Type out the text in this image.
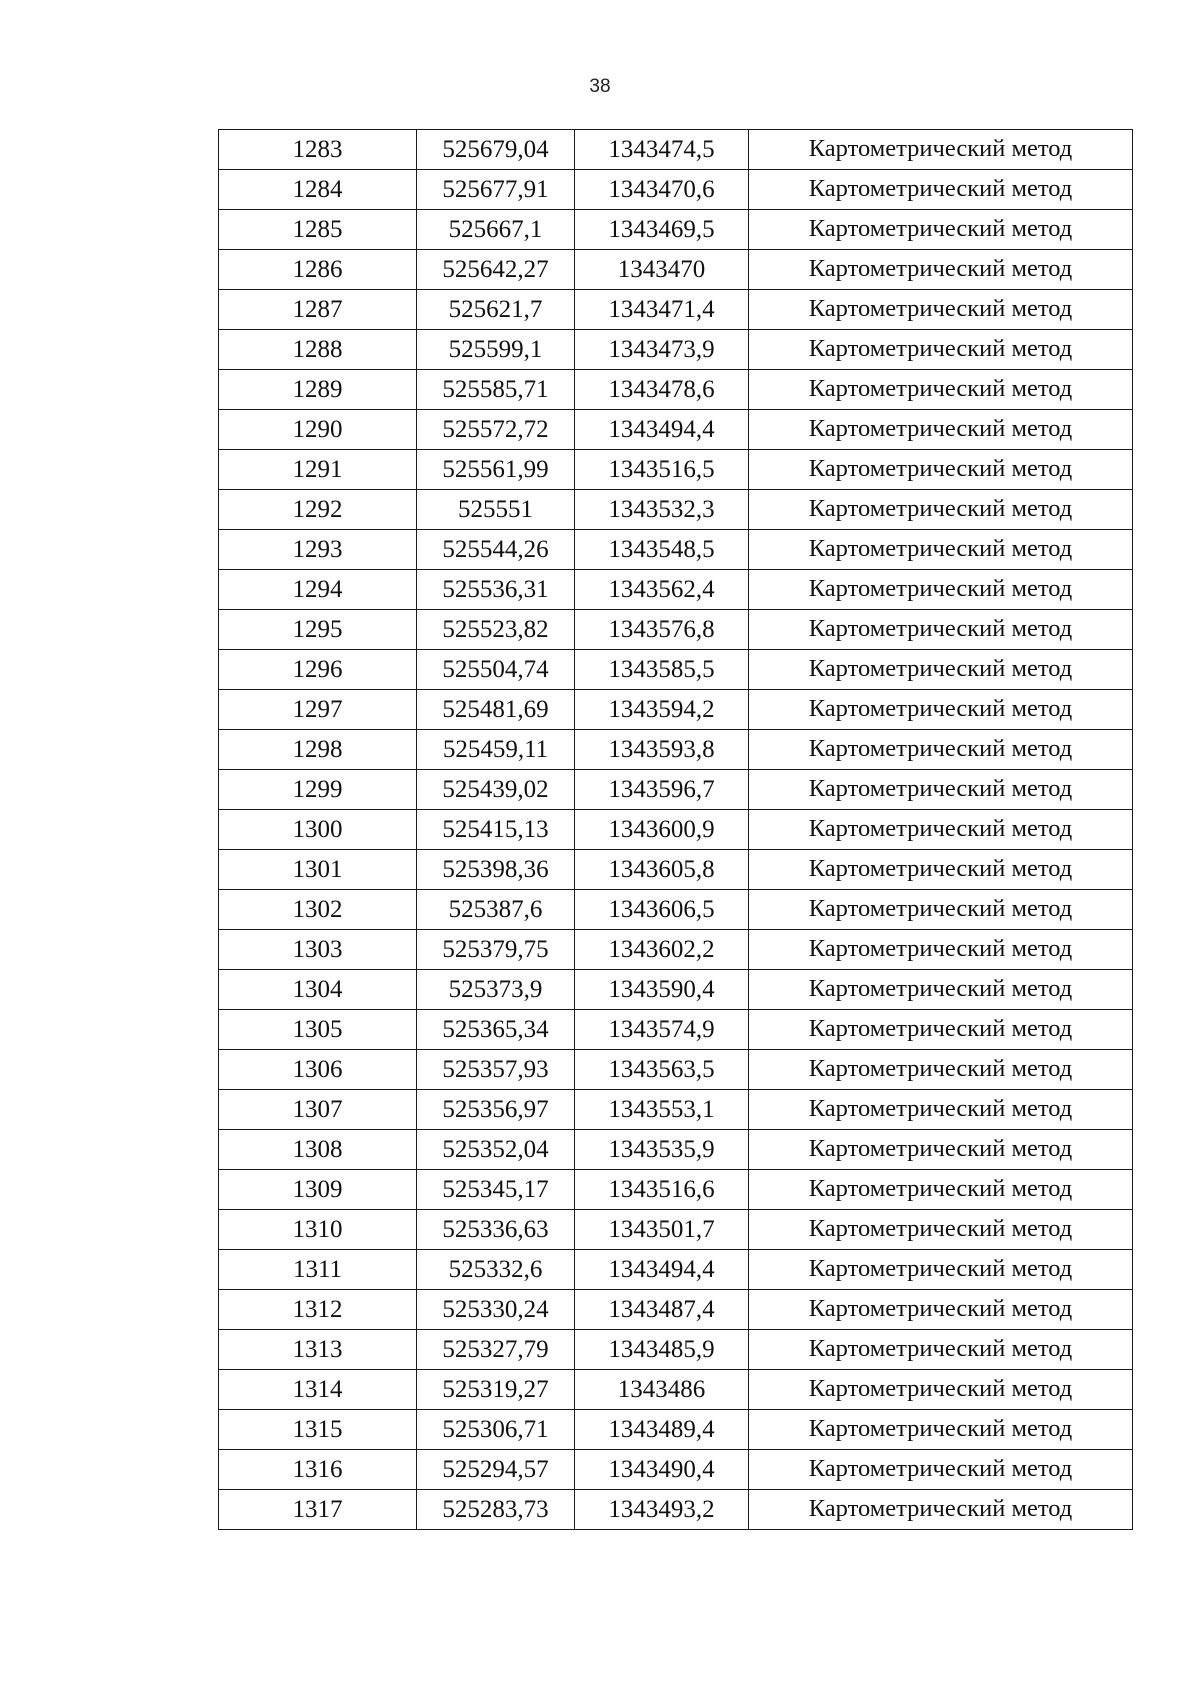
38
1283	525679,04	1343474,5	Картометрический метод
1284	525677,91	1343470,6	Картометрический метод
1285	525667,1	1343469,5	Картометрический метод
1286	525642,27	1343470	Картометрический метод
1287	525621,7	1343471,4	Картометрический метод
1288	525599,1	1343473,9	Картометрический метод
1289	525585,71	1343478,6	Картометрический метод
1290	525572,72	1343494,4	Картометрический метод
1291	525561,99	1343516,5	Картометрический метод
1292	525551	1343532,3	Картометрический метод
1293	525544,26	1343548,5	Картометрический метод
1294	525536,31	1343562,4	Картометрический метод
1295	525523,82	1343576,8	Картометрический метод
1296	525504,74	1343585,5	Картометрический метод
1297	525481,69	1343594,2	Картометрический метод
1298	525459,11	1343593,8	Картометрический метод
1299	525439,02	1343596,7	Картометрический метод
1300	525415,13	1343600,9	Картометрический метод
1301	525398,36	1343605,8	Картометрический метод
1302	525387,6	1343606,5	Картометрический метод
1303	525379,75	1343602,2	Картометрический метод
1304	525373,9	1343590,4	Картометрический метод
1305	525365,34	1343574,9	Картометрический метод
1306	525357,93	1343563,5	Картометрический метод
1307	525356,97	1343553,1	Картометрический метод
1308	525352,04	1343535,9	Картометрический метод
1309	525345,17	1343516,6	Картометрический метод
1310	525336,63	1343501,7	Картометрический метод
1311	525332,6	1343494,4	Картометрический метод
1312	525330,24	1343487,4	Картометрический метод
1313	525327,79	1343485,9	Картометрический метод
1314	525319,27	1343486	Картометрический метод
1315	525306,71	1343489,4	Картометрический метод
1316	525294,57	1343490,4	Картометрический метод
1317	525283,73	1343493,2	Картометрический метод
